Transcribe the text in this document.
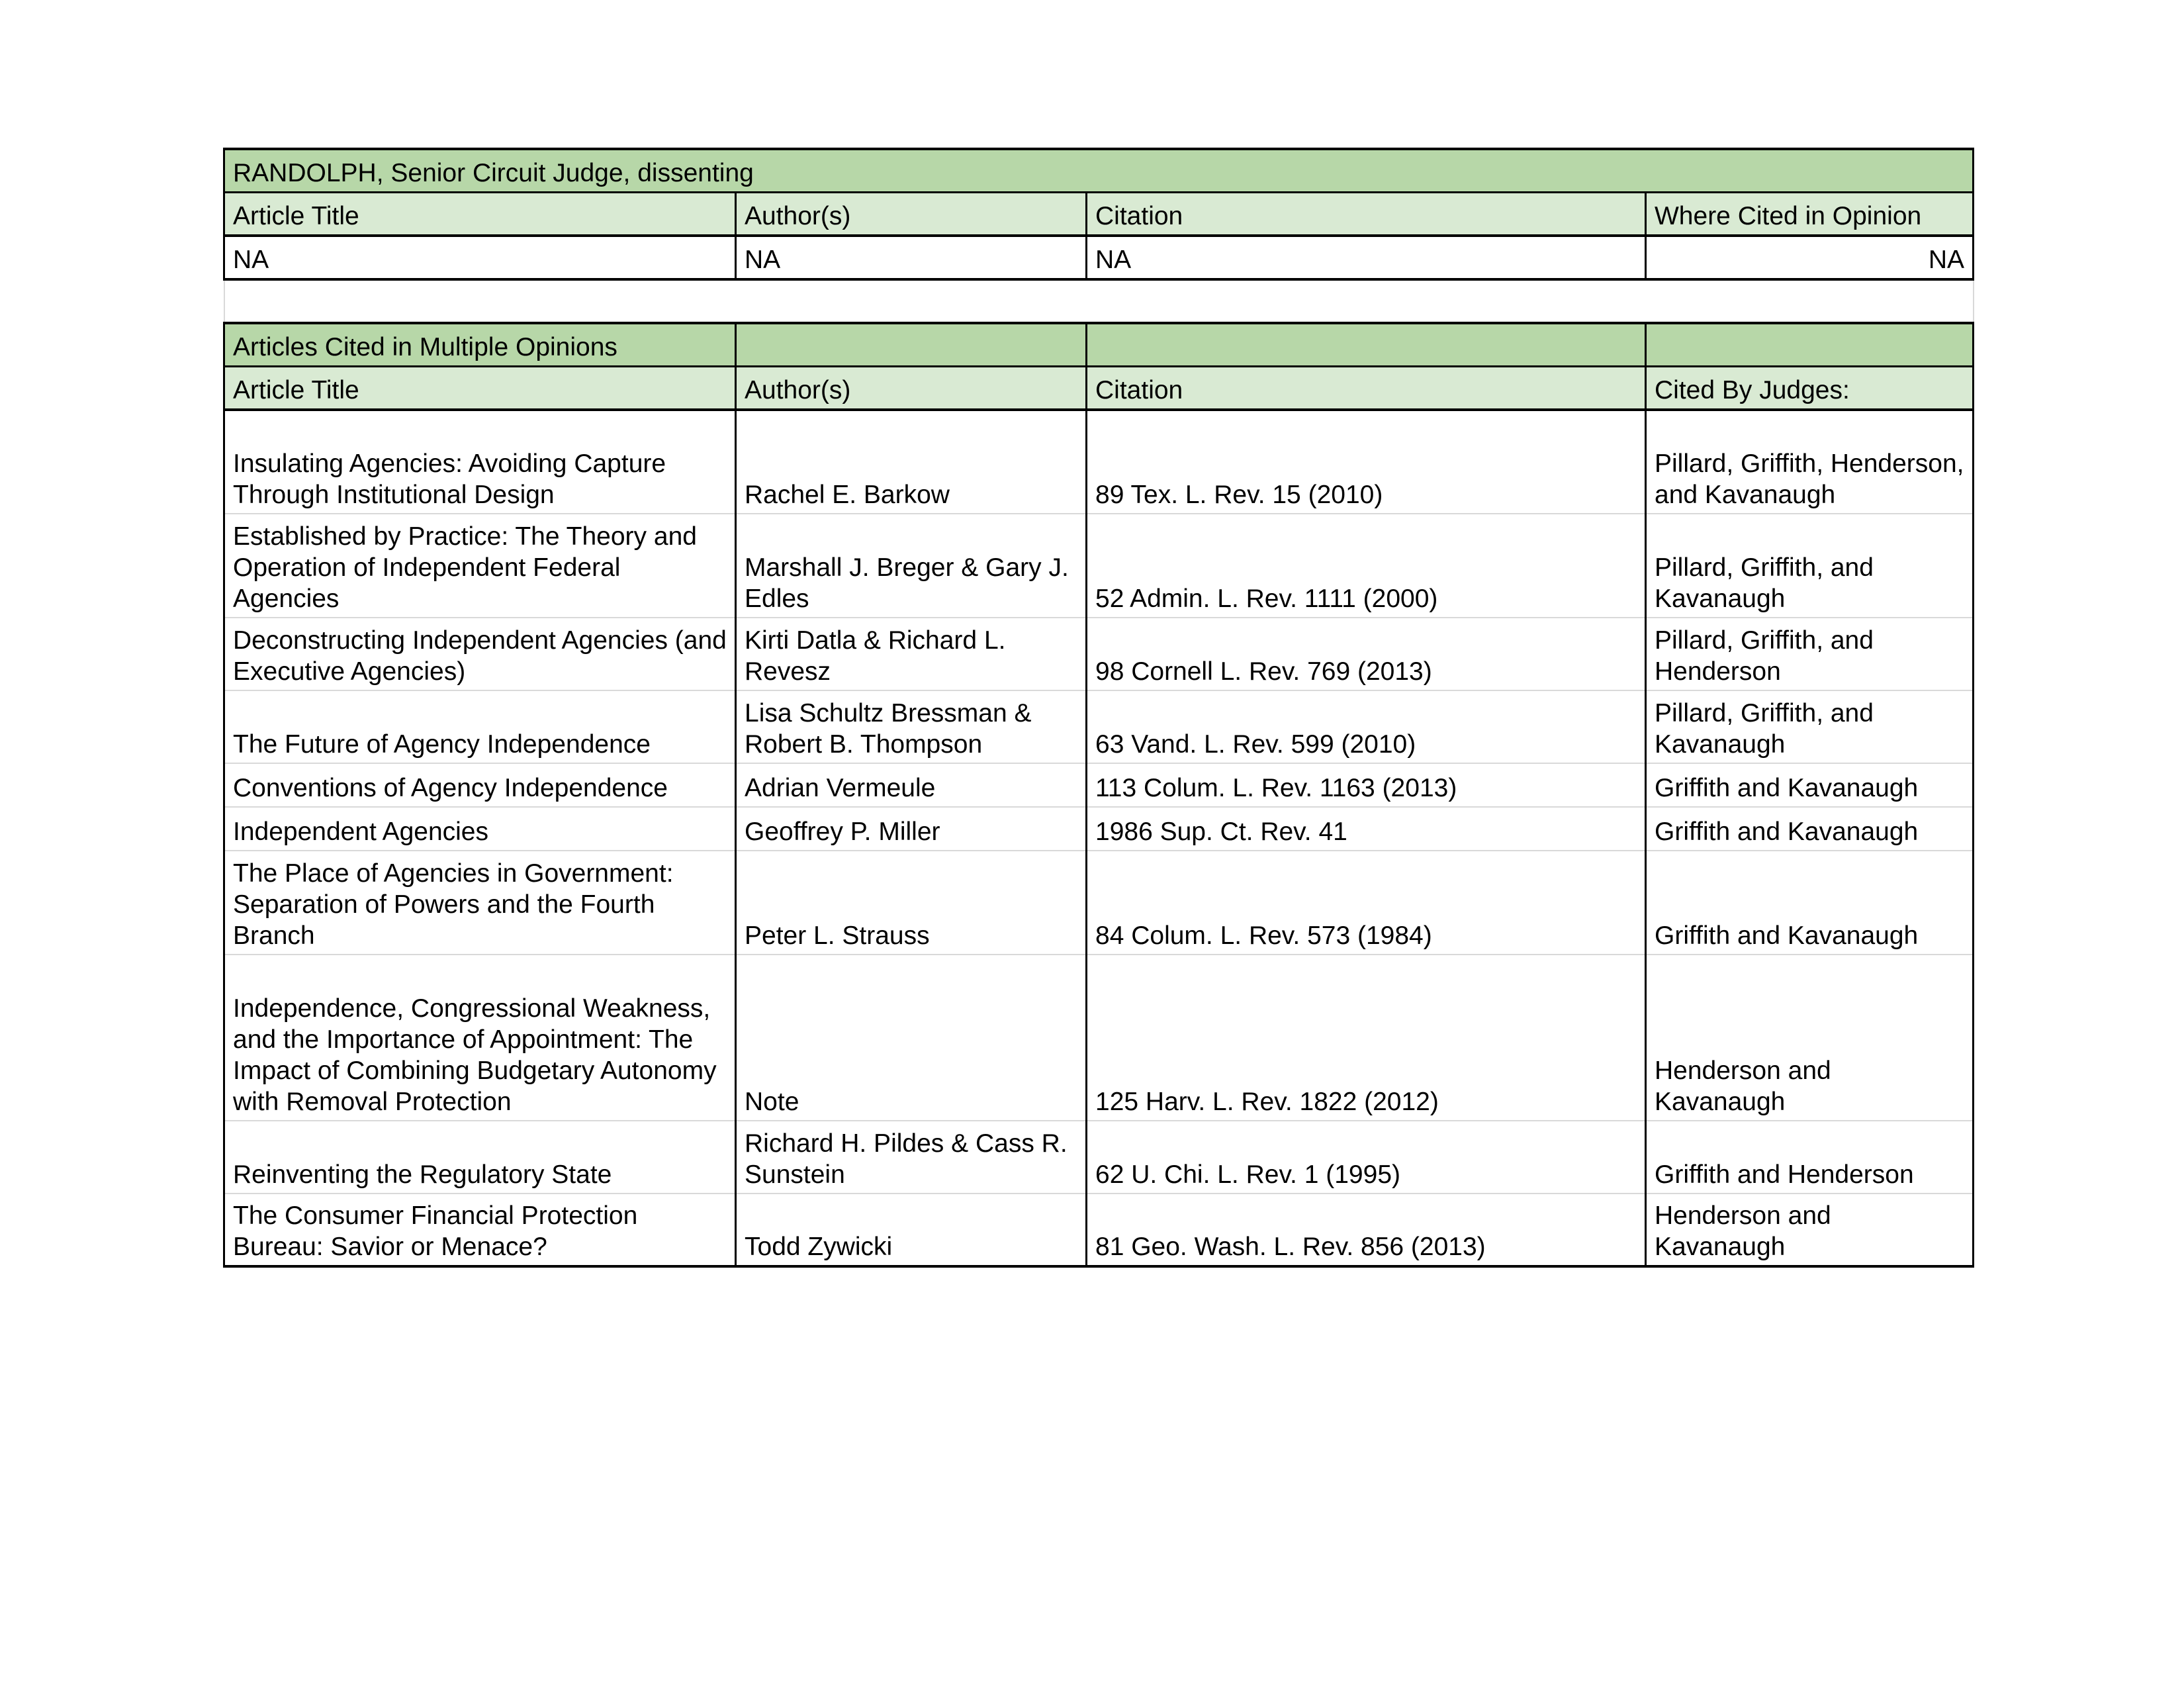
RANDOLPH, Senior Circuit Judge, dissenting			
Article Title	Author(s)	Citation	Where Cited in Opinion
NA	NA	NA	NA

Articles Cited in Multiple Opinions			
Article Title	Author(s)	Citation	Cited By Judges:
Insulating Agencies: Avoiding Capture Through Institutional Design	Rachel E. Barkow	89 Tex. L. Rev. 15 (2010)	Pillard, Griffith, Henderson, and Kavanaugh
Established by Practice: The Theory and Operation of Independent Federal Agencies	Marshall J. Breger & Gary J. Edles	52 Admin. L. Rev. 1111 (2000)	Pillard, Griffith, and Kavanaugh
Deconstructing Independent Agencies (and Executive Agencies)	Kirti Datla & Richard L. Revesz	98 Cornell L. Rev. 769 (2013)	Pillard, Griffith, and Henderson
The Future of Agency Independence	Lisa Schultz Bressman & Robert B. Thompson	63 Vand. L. Rev. 599 (2010)	Pillard, Griffith, and Kavanaugh
Conventions of Agency Independence	Adrian Vermeule	113 Colum. L. Rev. 1163 (2013)	Griffith and Kavanaugh
Independent Agencies	Geoffrey P. Miller	1986 Sup. Ct. Rev. 41	Griffith and Kavanaugh
The Place of Agencies in Government: Separation of Powers and the Fourth Branch	Peter L. Strauss	84 Colum. L. Rev. 573 (1984)	Griffith and Kavanaugh
Independence, Congressional Weakness, and the Importance of Appointment: The Impact of Combining Budgetary Autonomy with Removal Protection	Note	125 Harv. L. Rev. 1822 (2012)	Henderson and Kavanaugh
Reinventing the Regulatory State	Richard H. Pildes & Cass R. Sunstein	62 U. Chi. L. Rev. 1 (1995)	Griffith and Henderson
The Consumer Financial Protection Bureau: Savior or Menace?	Todd Zywicki	81 Geo. Wash. L. Rev. 856 (2013)	Henderson and Kavanaugh
